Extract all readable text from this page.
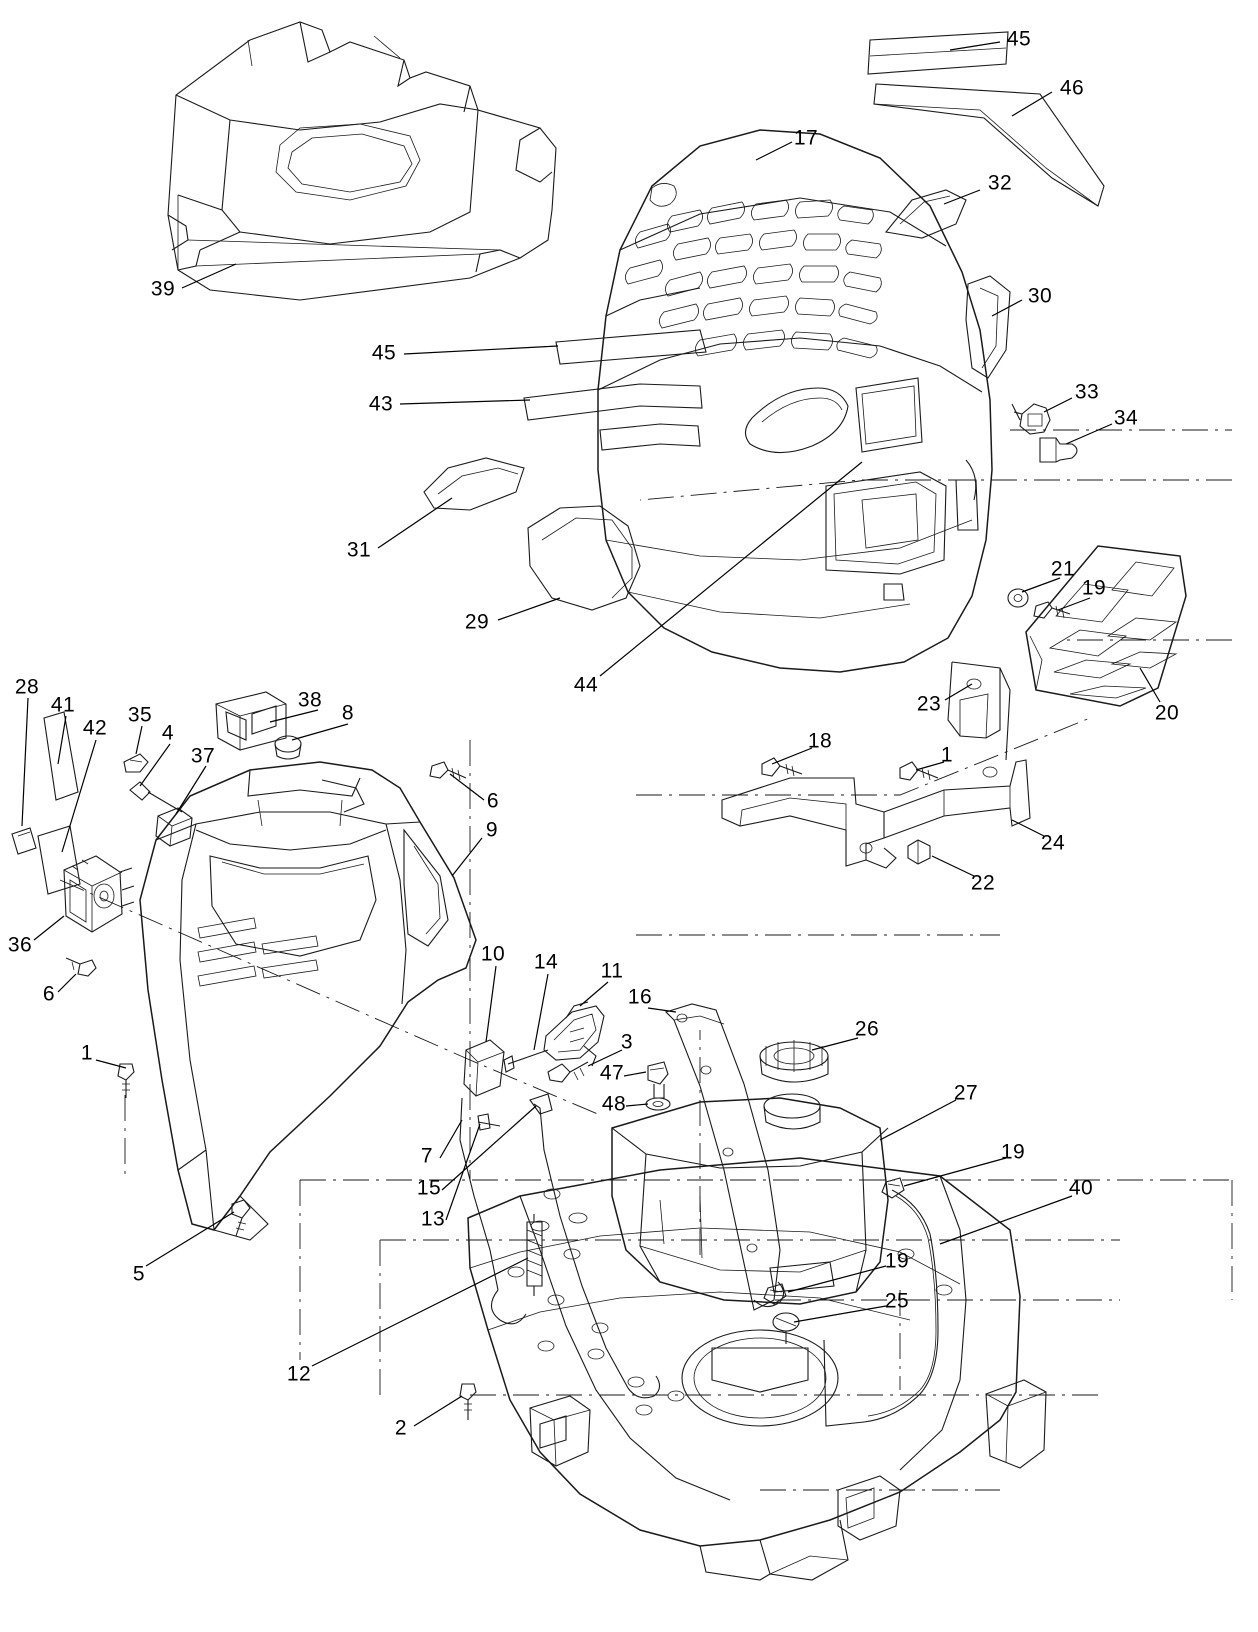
45
46
17
32
39	30
45
43
33
34
31
21
19
29
44
23
38
20
28
41
42
35
4
8
37
18
1
6
9
24
22
36	10 14 11
16
6
26
3
1
47
27
48
7
15
19
40
13
5
19
25
12
2
